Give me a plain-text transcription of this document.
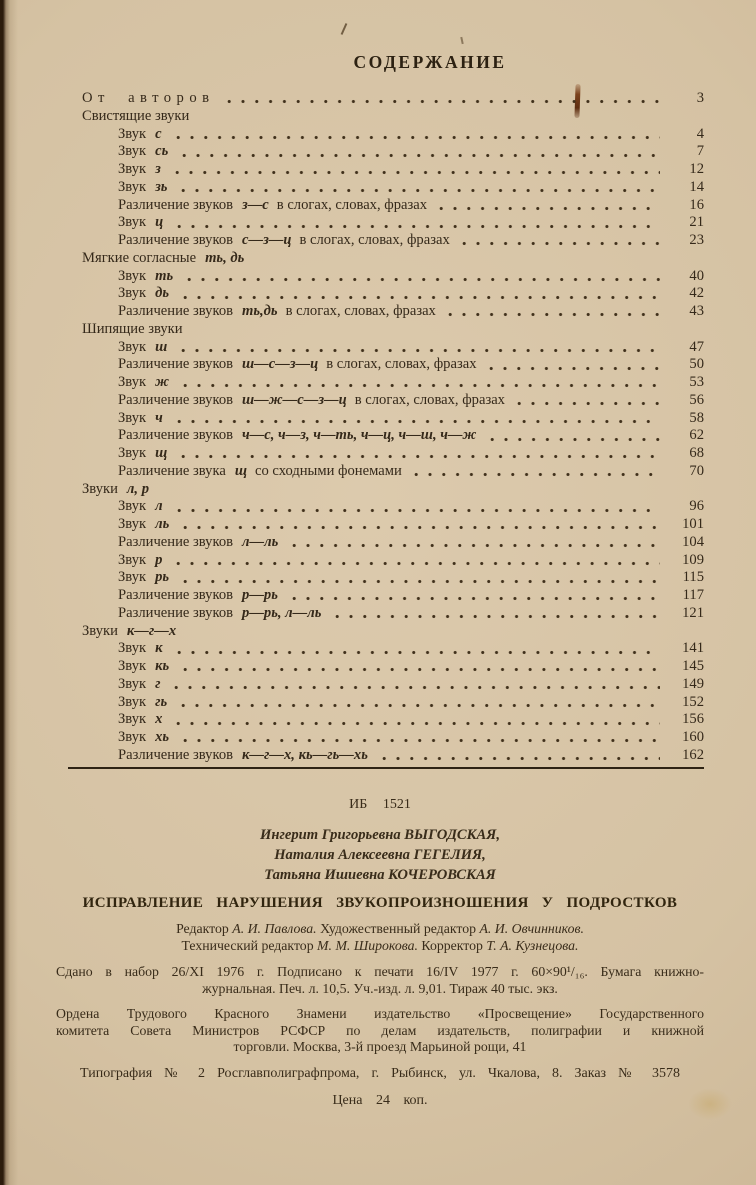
СОДЕРЖАНИЕ
От авторов	3
Свистящие звуки
Звук с	4
Звук сь	7
Звук з	12
Звук зь	14
Различение звуков з—с в слогах, словах, фразах	16
Звук ц	21
Различение звуков с—з—ц в слогах, словах, фразах	23
Мягкие согласные ть, дь
Звук ть	40
Звук дь	42
Различение звуков ть,дь в слогах, словах, фразах	43
Шипящие звуки
Звук ш	47
Различение звуков ш—с—з—ц в слогах, словах, фразах	50
Звук ж	53
Различение звуков ш—ж—с—з—ц в слогах, словах, фразах	56
Звук ч	58
Различение звуков ч—с, ч—з, ч—ть, ч—ц, ч—ш, ч—ж	62
Звук щ	68
Различение звука щ со сходными фонемами	70
Звуки л, р
Звук л	96
Звук ль	101
Различение звуков л—ль	104
Звук р	109
Звук рь	115
Различение звуков р—рь	117
Различение звуков р—рь, л—ль	121
Звуки к—г—х
Звук к	141
Звук кь	145
Звук г	149
Звук гь	152
Звук х	156
Звук хь	160
Различение звуков к—г—х, кь—гь—хь	162
ИБ 1521
Ингерит Григорьевна ВЫГОДСКАЯ,
Наталия Алексеевна ГЕГЕЛИЯ,
Татьяна Ишиевна КОЧЕРОВСКАЯ
ИСПРАВЛЕНИЕ НАРУШЕНИЯ ЗВУКОПРОИЗНОШЕНИЯ У ПОДРОСТКОВ
Редактор А. И. Павлова. Художественный редактор А. И. Овчинников.
Технический редактор М. М. Широкова. Корректор Т. А. Кузнецова.
Сдано в набор 26/XI 1976 г. Подписано к печати 16/IV 1977 г. 60×90¹/₁₆. Бумага книжно-
журнальная. Печ. л. 10,5. Уч.-изд. л. 9,01. Тираж 40 тыс. экз.
Ордена Трудового Красного Знамени издательство «Просвещение» Государственного
комитета Совета Министров РСФСР по делам издательств, полиграфии и книжной
торговли. Москва, 3-й проезд Марьиной рощи, 41
Типография № 2 Росглавполиграфпрома, г. Рыбинск, ул. Чкалова, 8. Заказ № 3578
Цена 24 коп.
